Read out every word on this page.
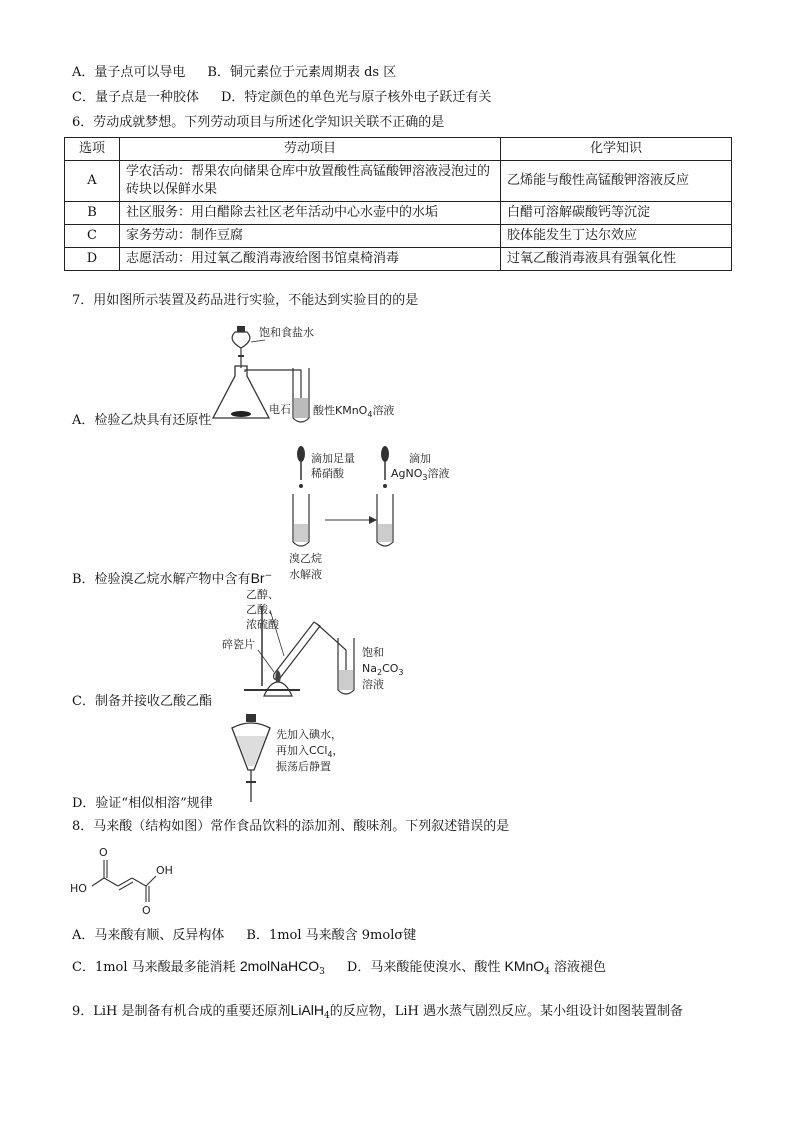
A．量子点可以导电 B．铜元素位于元素周期表 ds 区
C．量子点是一种胶体 D．特定颜色的单色光与原子核外电子跃迁有关
6．劳动成就梦想。下列劳动项目与所述化学知识关联不正确的是
选项	劳动项目	化学知识
A	学农活动：帮果农向储果仓库中放置酸性高锰酸钾溶液浸泡过的砖块以保鲜水果	乙烯能与酸性高锰酸钾溶液反应
B	社区服务：用白醋除去社区老年活动中心水壶中的水垢	白醋可溶解碳酸钙等沉淀
C	家务劳动：制作豆腐	胶体能发生丁达尔效应
D	志愿活动：用过氧乙酸消毒液给图书馆桌椅消毒	过氧乙酸消毒液具有强氧化性
7．用如图所示装置及药品进行实验，不能达到实验目的的是
饱和食盐水
电石 酸性KMnO$_4$溶液
A．检验乙炔具有还原性
滴加足量
稀硝酸
滴加
AgNO$_3$溶液
溴乙烷
水解液
B．检验溴乙烷水解产物中含有Br−
乙醇、
乙酸、
浓硫酸
碎瓷片
饱和
$Na_2CO_3$
溶液
C．制备并接收乙酸乙酯
先加入碘水，
再加入CCl$_4$，
振荡后静置
D．验证“相似相溶”规律
8．马来酸（结构如图）常作食品饮料的添加剂、酸味剂。下列叙述错误的是
O
OH
HO
O
A．马来酸有顺、反异构体 B．1mol 马来酸含 9molσ键
C．1mol 马来酸最多能消耗 2molNaHCO$_3$ D．马来酸能使溴水、酸性 KMnO$_4$ 溶液褪色
9．LiH 是制备有机合成的重要还原剂LiAlH$_4$的反应物，LiH 遇水蒸气剧烈反应。某小组设计如图装置制备
